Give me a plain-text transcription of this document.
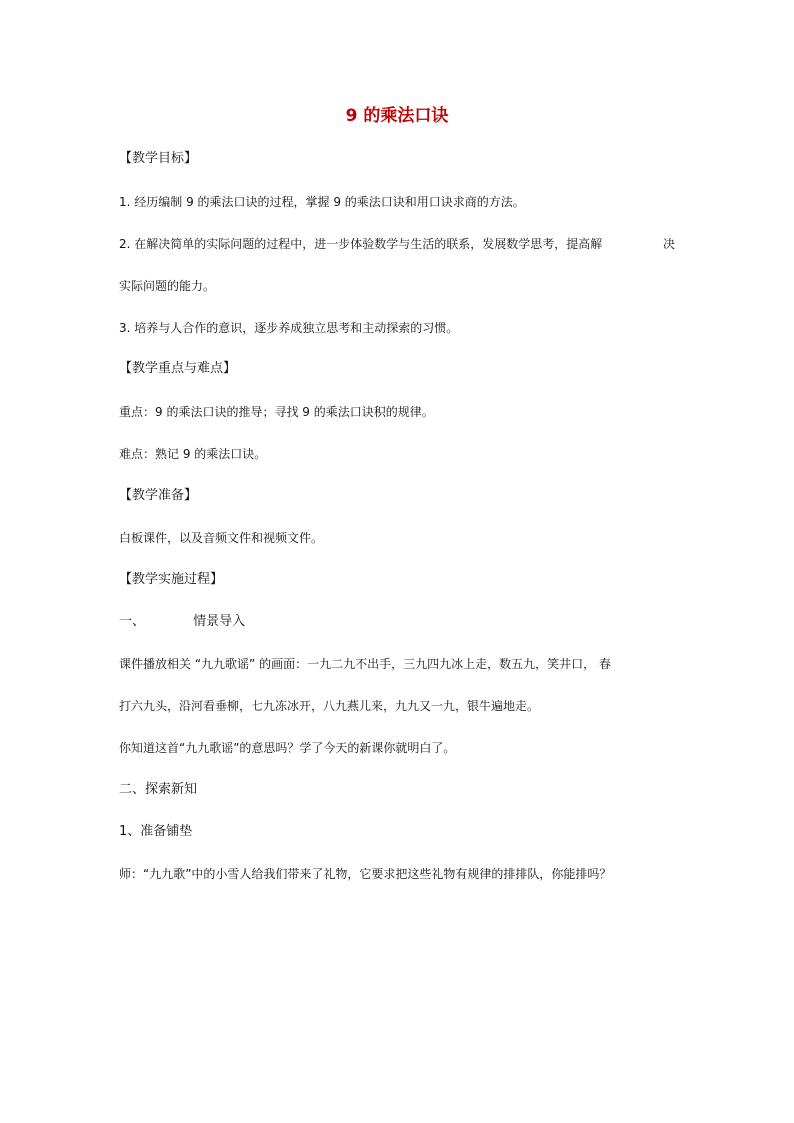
9 的乘法口诀
【教学目标】
1. 经历编制 9 的乘法口诀的过程，掌握 9 的乘法口诀和用口诀求商的方法。
2. 在解决简单的实际问题的过程中，进一步体验数学与生活的联系，发展数学思考，提高解	决
实际问题的能力。
3. 培养与人合作的意识，逐步养成独立思考和主动探索的习惯。
【教学重点与难点】
重点：9 的乘法口诀的推导；寻找 9 的乘法口诀积的规律。
难点：熟记 9 的乘法口诀。
【教学准备】
白板课件，以及音频文件和视频文件。
【教学实施过程】
一、	情景导入
课件播放相关 “九九歌谣” 的画面：一九二九不出手，三九四九冰上走，数五九，笑井口， 春
打六九头，沿河看垂柳，七九冻冰开，八九燕儿来，九九又一九，银牛遍地走。
你知道这首“九九歌谣”的意思吗？学了今天的新课你就明白了。
二、探索新知
1、准备铺垫
师：“九九歌”中的小雪人给我们带来了礼物，它要求把这些礼物有规律的排排队，你能排吗？
